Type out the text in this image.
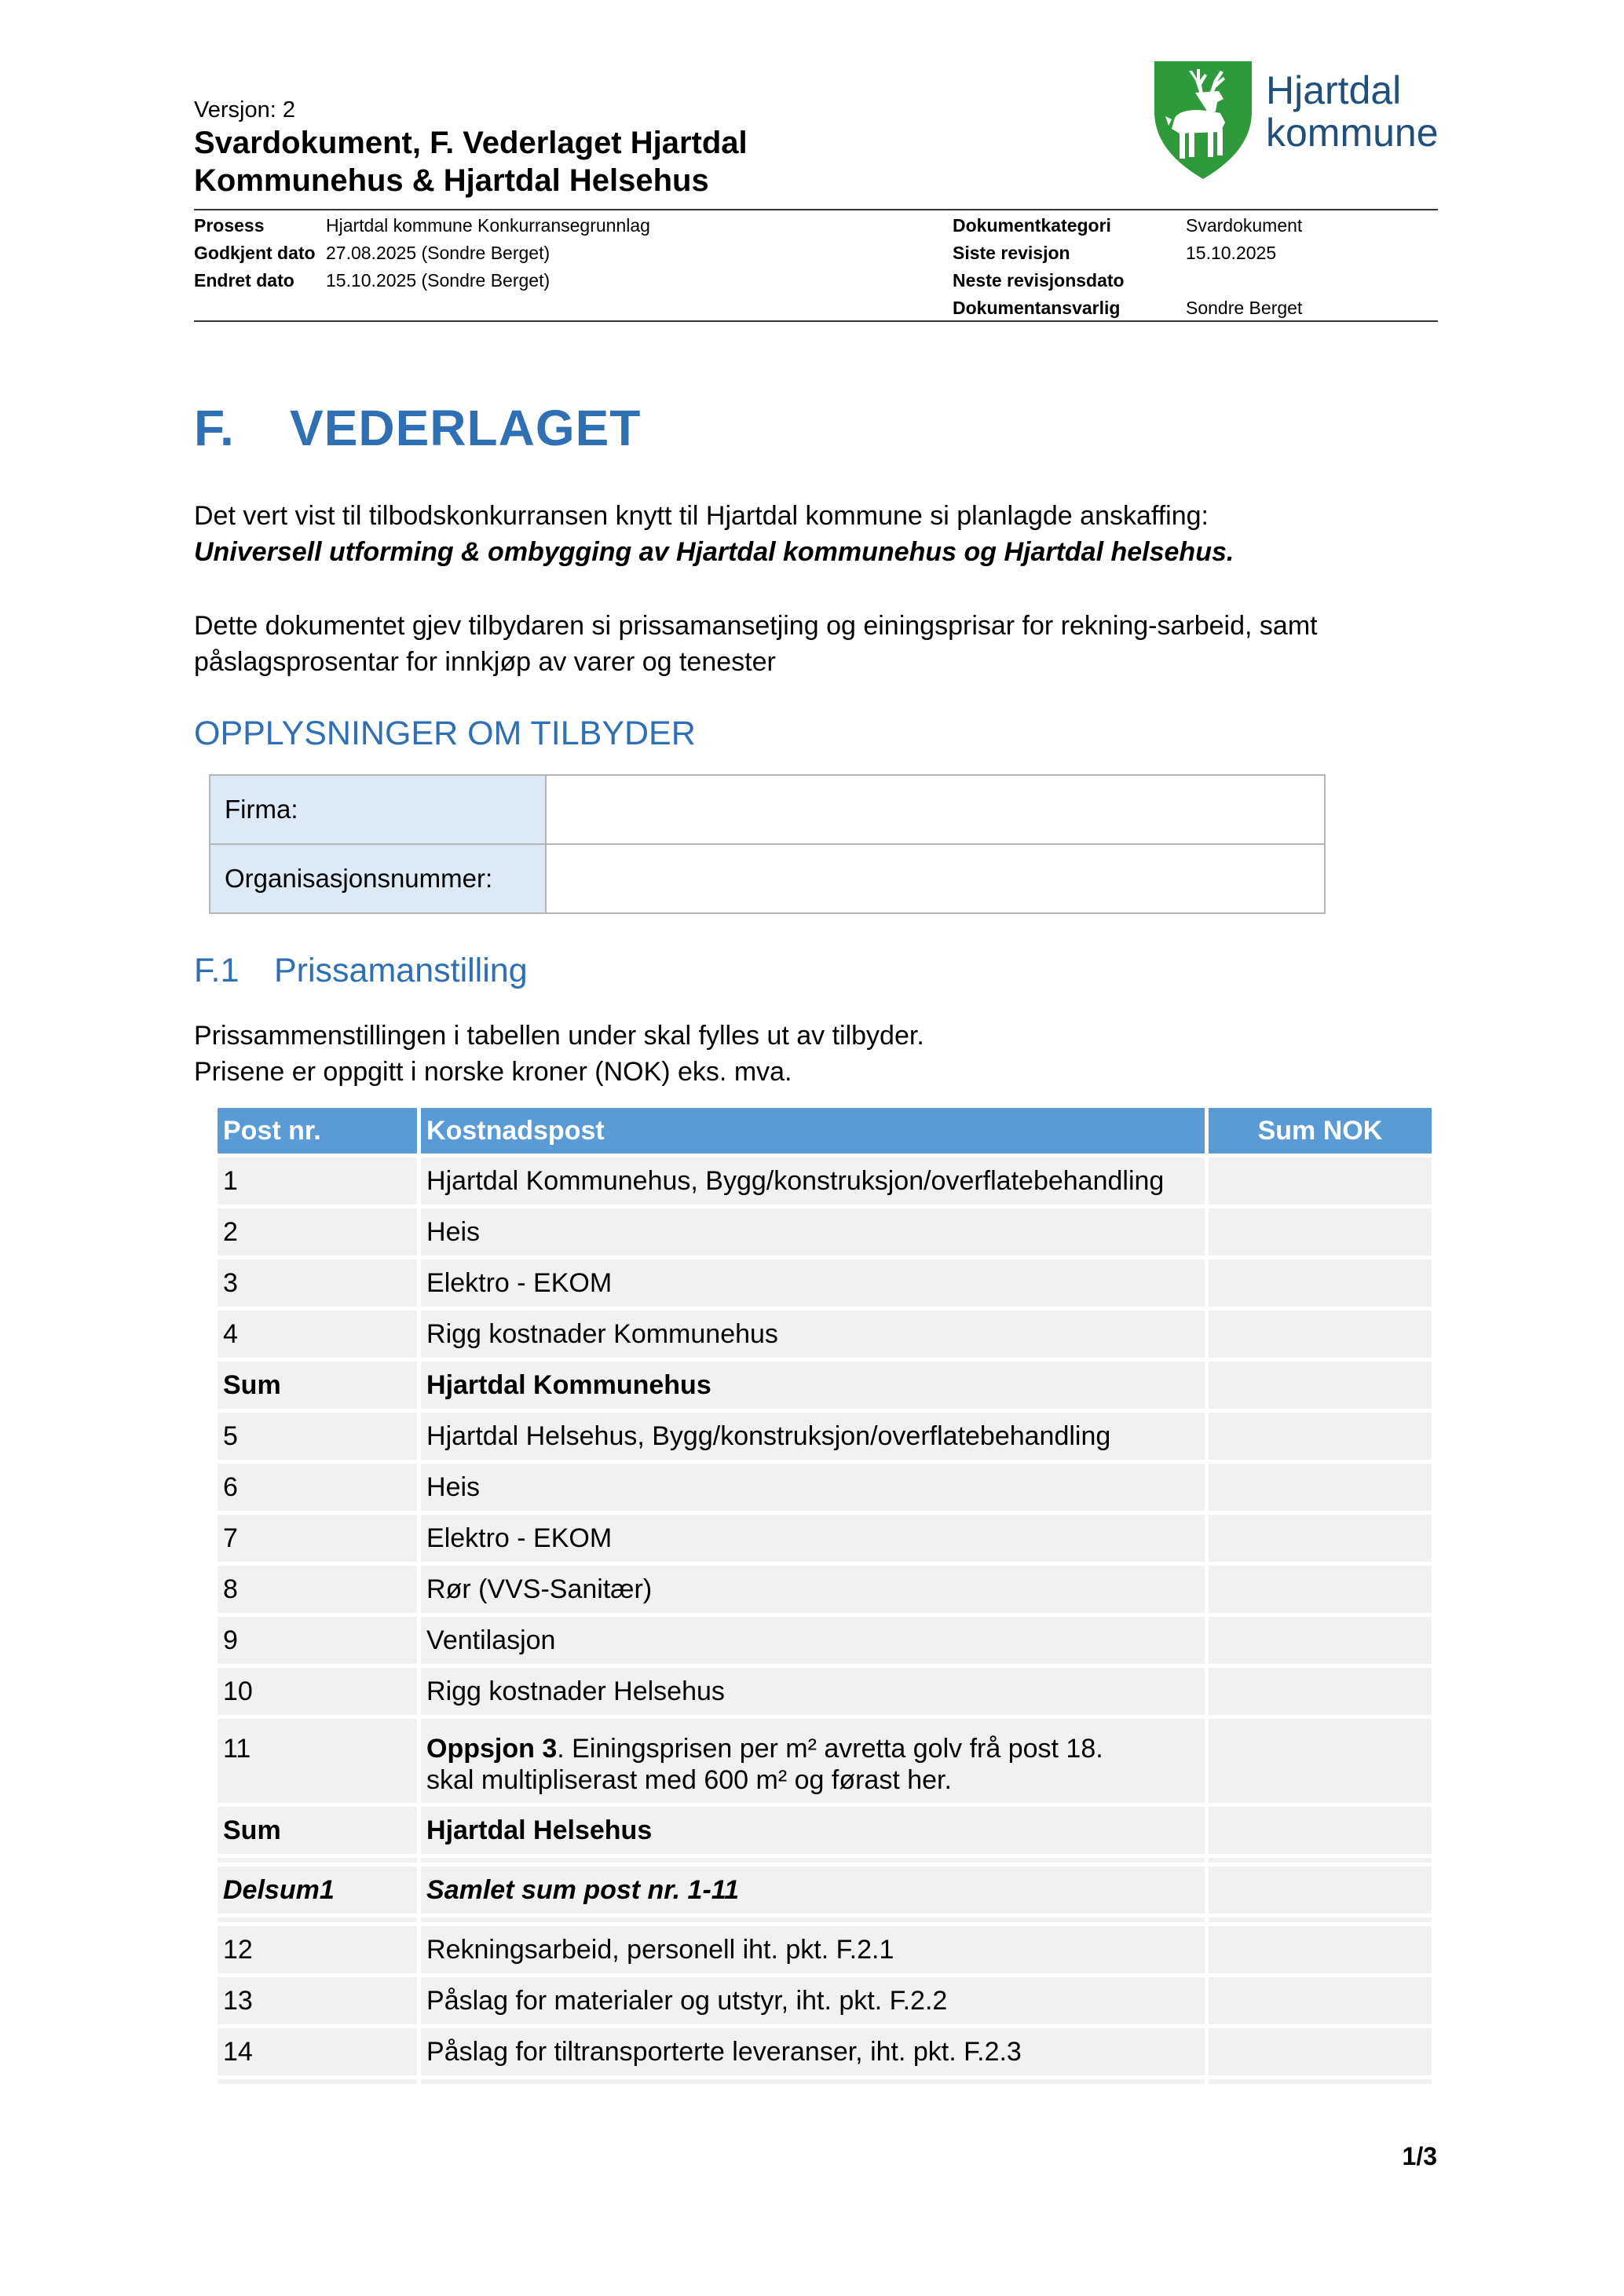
Versjon: 2
Svardokument, F. Vederlaget Hjartdal
Kommunehus & Hjartdal Helsehus
Hjartdal
kommune
Prosess	Hjartdal kommune Konkurransegrunnlag
Godkjent dato 27.08.2025 (Sondre Berget)
Endret dato 15.10.2025 (Sondre Berget)
Dokumentkategori	Svardokument
Siste revisjon	15.10.2025
Neste revisjonsdato
Dokumentansvarlig	Sondre Berget
F. VEDERLAGET
Det vert vist til tilbodskonkurransen knytt til Hjartdal kommune si planlagde anskaffing:
Universell utforming & ombygging av Hjartdal kommunehus og Hjartdal helsehus.
Dette dokumentet gjev tilbydaren si prissamansetjing og einingsprisar for rekning-sarbeid, samt
påslagsprosentar for innkjøp av varer og tenester
OPPLYSNINGER OM TILBYDER
Firma:	
Organisasjonsnummer:	
F.1 Prissamanstilling
Prissammenstillingen i tabellen under skal fylles ut av tilbyder.
Prisene er oppgitt i norske kroner (NOK) eks. mva.
Post nr.	Kostnadspost	Sum NOK
1	Hjartdal Kommunehus, Bygg/konstruksjon/overflatebehandling	
2	Heis	
3	Elektro - EKOM	
4	Rigg kostnader Kommunehus	
Sum	Hjartdal Kommunehus	
5	Hjartdal Helsehus, Bygg/konstruksjon/overflatebehandling	
6	Heis	
7	Elektro - EKOM	
8	Rør (VVS-Sanitær)	
9	Ventilasjon	
10	Rigg kostnader Helsehus	
11	Oppsjon 3. Einingsprisen per m² avretta golv frå post 18.
skal multipliserast med 600 m² og førast her.	

Sum	Hjartdal Helsehus	

Delsum1	Samlet sum post nr. 1-11	

12	Rekningsarbeid, personell iht. pkt. F.2.1	
13	Påslag for materialer og utstyr, iht. pkt. F.2.2	
14	Påslag for tiltransporterte leveranser, iht. pkt. F.2.3	

1/3
